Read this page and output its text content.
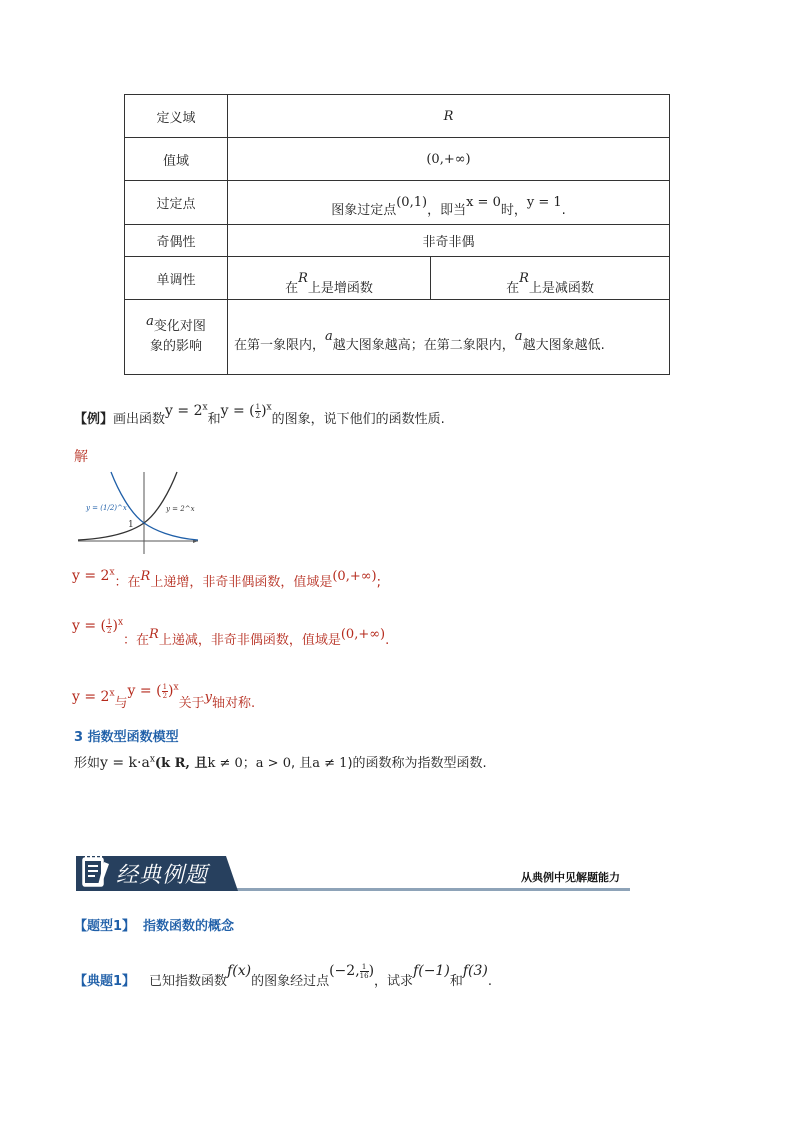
定义域	R	
值域	(0,+∞)	
过定点	图象过定点(0,1)，即当x = 0时，y = 1.	
奇偶性	非奇非偶	
单调性	在R上是增函数	在R上是减函数
a变化对图
象的影响	在第一象限内，a越大图象越高；在第二象限内，a越大图象越低.	
【例】画出函数$y = 2^x$和y = ( $\frac{1}{2} )^x$的图象，说下他们的函数性质.
解
y = (1/2)^x	y = 2^x
1
$y = 2^x$：在R上递增，非奇非偶函数，值域是(0,+∞);
y = ( $\frac{1}{2} )^x$：在R上递减，非奇非偶函数，值域是(0,+∞).
$y = 2^x$与y = ( $\frac{1}{2} )^x$关于y轴对称.
3 指数型函数模型
形如$y = k\cdot a^x(k$ R, 且k ≠ 0；a > 0, 且a ≠ 1)的函数称为指数型函数.
经典例题	从典例中见解题能力
【题型1】 指数函数的概念
【典题1】 已知指数函数f(x)的图象经过点(−2, $\frac{1}{16}$ )，试求f(−1)和f(3).
